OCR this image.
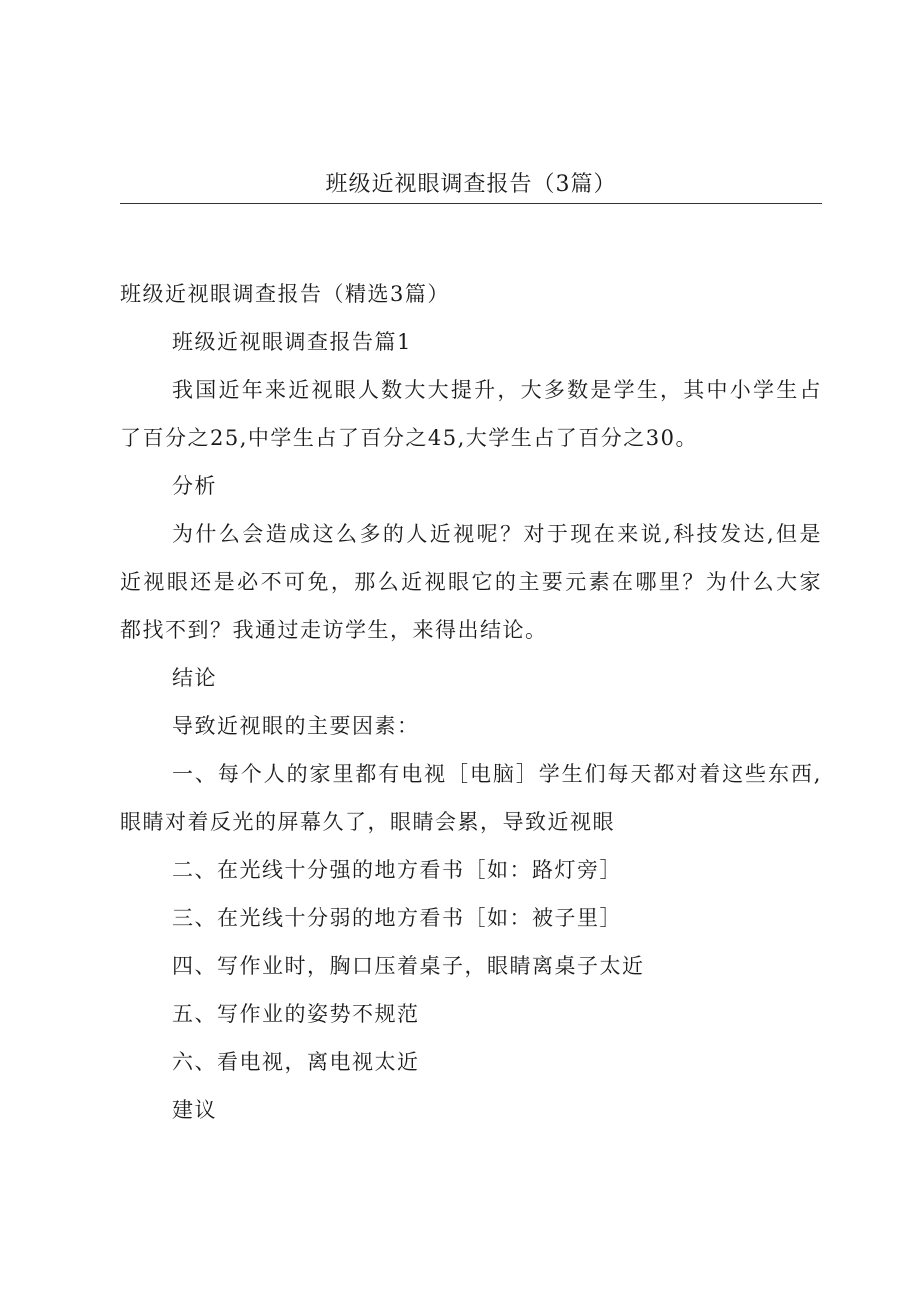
班级近视眼调查报告（3篇）
班级近视眼调查报告（精选3篇）
班级近视眼调查报告篇1
我国近年来近视眼人数大大提升，大多数是学生，其中小学生占
了百分之25,中学生占了百分之45,大学生占了百分之30。
分析
为什么会造成这么多的人近视呢？对于现在来说,科技发达,但是
近视眼还是必不可免，那么近视眼它的主要元素在哪里？为什么大家
都找不到？我通过走访学生，来得出结论。
结论
导致近视眼的主要因素：
一、每个人的家里都有电视［电脑］学生们每天都对着这些东西,
眼睛对着反光的屏幕久了，眼睛会累，导致近视眼
二、在光线十分强的地方看书［如：路灯旁］
三、在光线十分弱的地方看书［如：被子里］
四、写作业时，胸口压着桌子，眼睛离桌子太近
五、写作业的姿势不规范
六、看电视，离电视太近
建议
